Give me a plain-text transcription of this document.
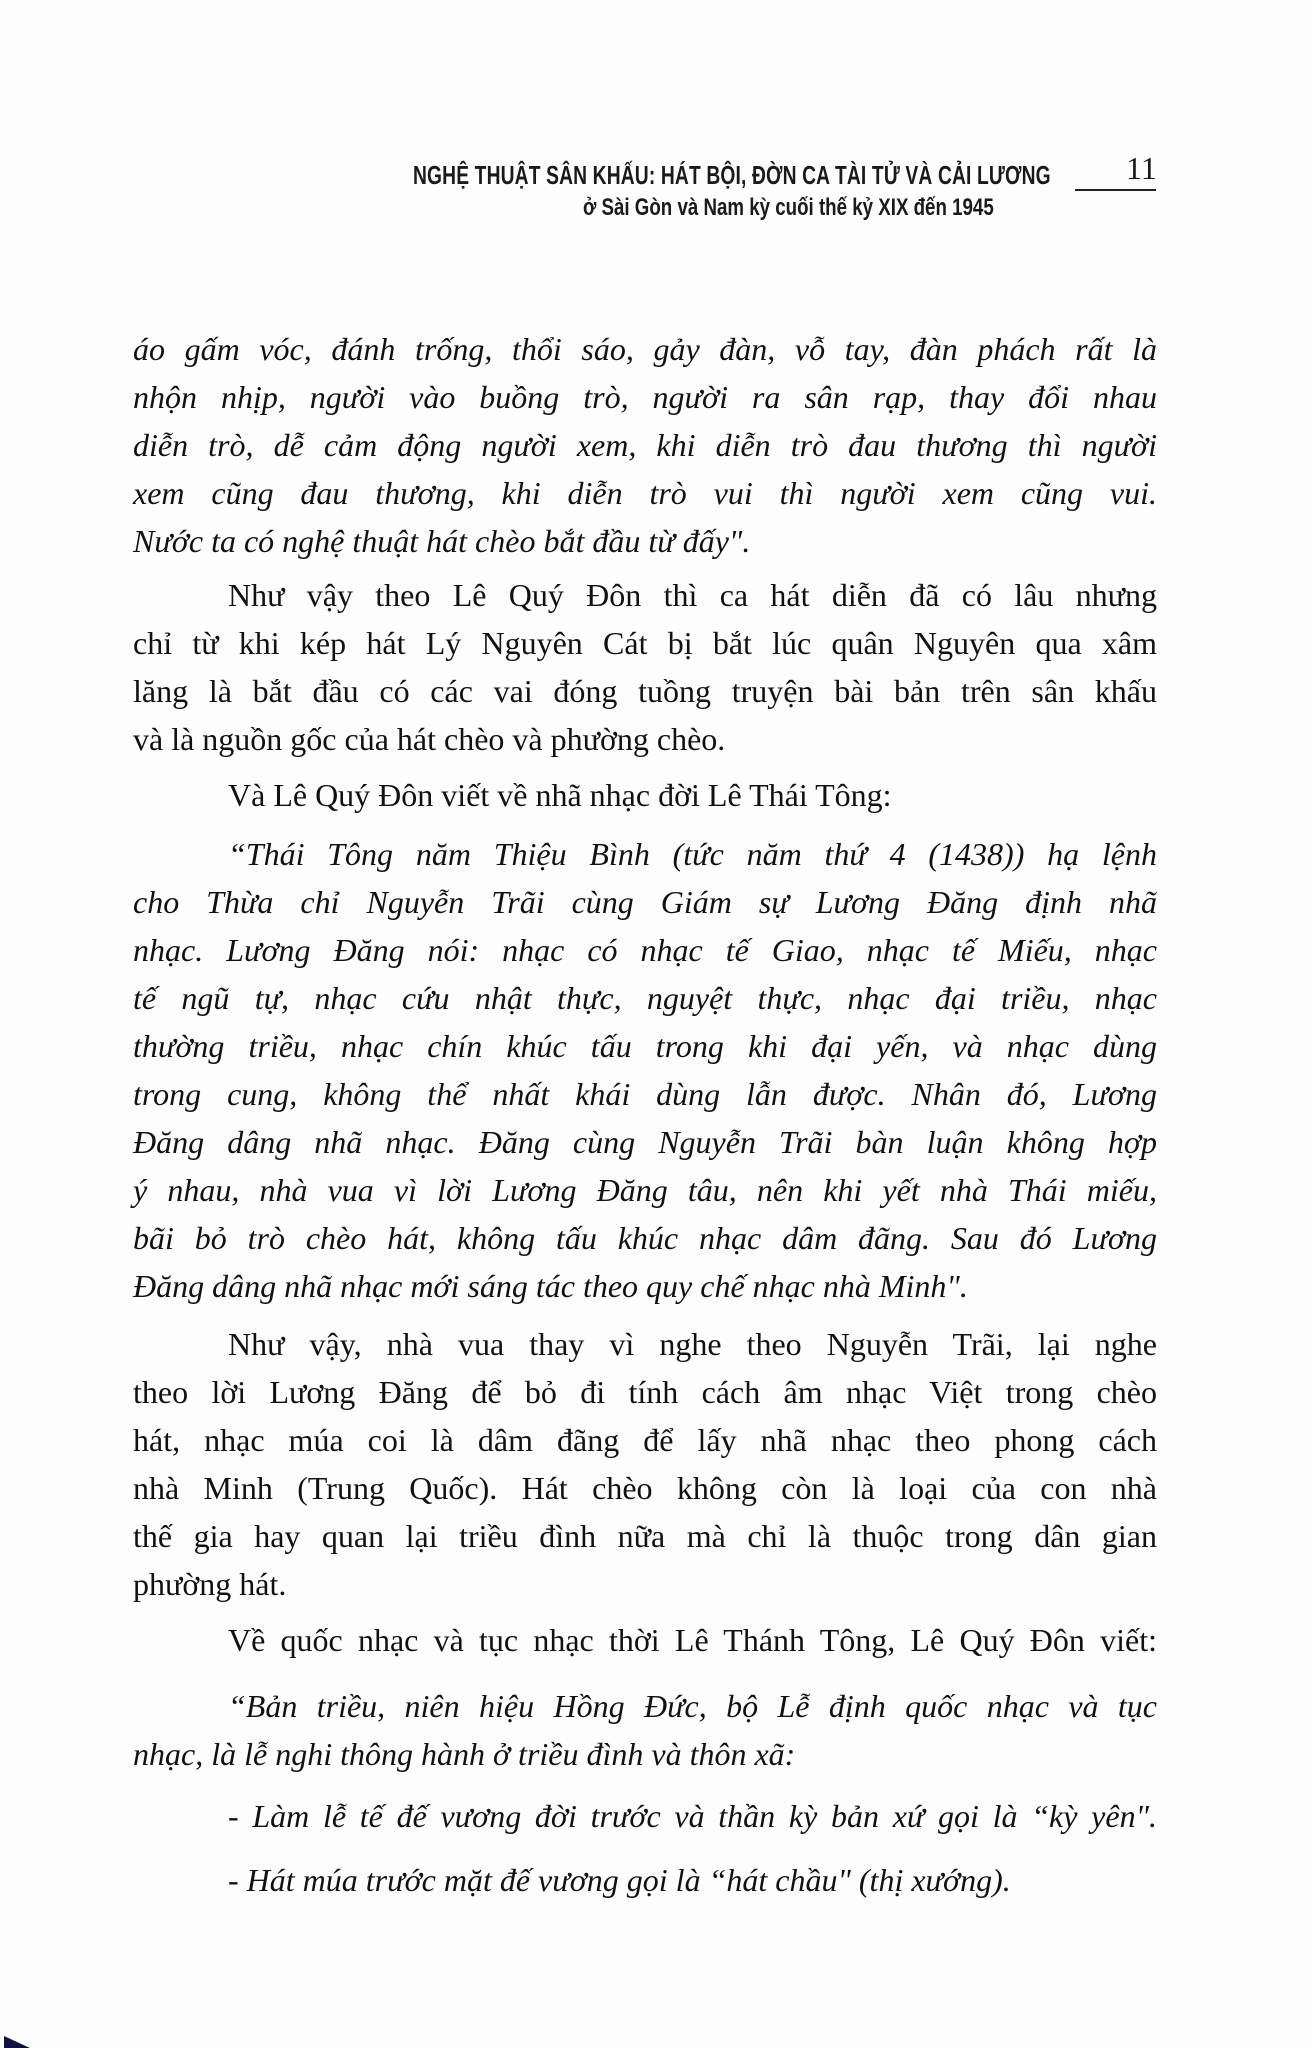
NGHỆ THUẬT SÂN KHẤU: HÁT BỘI, ĐỜN CA TÀI TỬ VÀ CẢI LƯƠNG
ở Sài Gòn và Nam kỳ cuối thế kỷ XIX đến 1945
11
áo gấm vóc, đánh trống, thổi sáo, gảy đàn, vỗ tay, đàn phách rất là
nhộn nhịp, người vào buồng trò, người ra sân rạp, thay đổi nhau
diễn trò, dễ cảm động người xem, khi diễn trò đau thương thì người
xem cũng đau thương, khi diễn trò vui thì người xem cũng vui.
Nước ta có nghệ thuật hát chèo bắt đầu từ đấy".
Như vậy theo Lê Quý Đôn thì ca hát diễn đã có lâu nhưng
chỉ từ khi kép hát Lý Nguyên Cát bị bắt lúc quân Nguyên qua xâm
lăng là bắt đầu có các vai đóng tuồng truyện bài bản trên sân khấu
và là nguồn gốc của hát chèo và phường chèo.
Và Lê Quý Đôn viết về nhã nhạc đời Lê Thái Tông:
“Thái Tông năm Thiệu Bình (tức năm thứ 4 (1438)) hạ lệnh
cho Thừa chỉ Nguyễn Trãi cùng Giám sự Lương Đăng định nhã
nhạc. Lương Đăng nói: nhạc có nhạc tế Giao, nhạc tế Miếu, nhạc
tế ngũ tự, nhạc cứu nhật thực, nguyệt thực, nhạc đại triều, nhạc
thường triều, nhạc chín khúc tấu trong khi đại yến, và nhạc dùng
trong cung, không thể nhất khái dùng lẫn được. Nhân đó, Lương
Đăng dâng nhã nhạc. Đăng cùng Nguyễn Trãi bàn luận không hợp
ý nhau, nhà vua vì lời Lương Đăng tâu, nên khi yết nhà Thái miếu,
bãi bỏ trò chèo hát, không tấu khúc nhạc dâm đãng. Sau đó Lương
Đăng dâng nhã nhạc mới sáng tác theo quy chế nhạc nhà Minh".
Như vậy, nhà vua thay vì nghe theo Nguyễn Trãi, lại nghe
theo lời Lương Đăng để bỏ đi tính cách âm nhạc Việt trong chèo
hát, nhạc múa coi là dâm đãng để lấy nhã nhạc theo phong cách
nhà Minh (Trung Quốc). Hát chèo không còn là loại của con nhà
thế gia hay quan lại triều đình nữa mà chỉ là thuộc trong dân gian
phường hát.
Về quốc nhạc và tục nhạc thời Lê Thánh Tông, Lê Quý Đôn viết:
“Bản triều, niên hiệu Hồng Đức, bộ Lễ định quốc nhạc và tục
nhạc, là lễ nghi thông hành ở triều đình và thôn xã:
- Làm lễ tế đế vương đời trước và thần kỳ bản xứ gọi là “kỳ yên".
- Hát múa trước mặt đế vương gọi là “hát chầu" (thị xướng).
